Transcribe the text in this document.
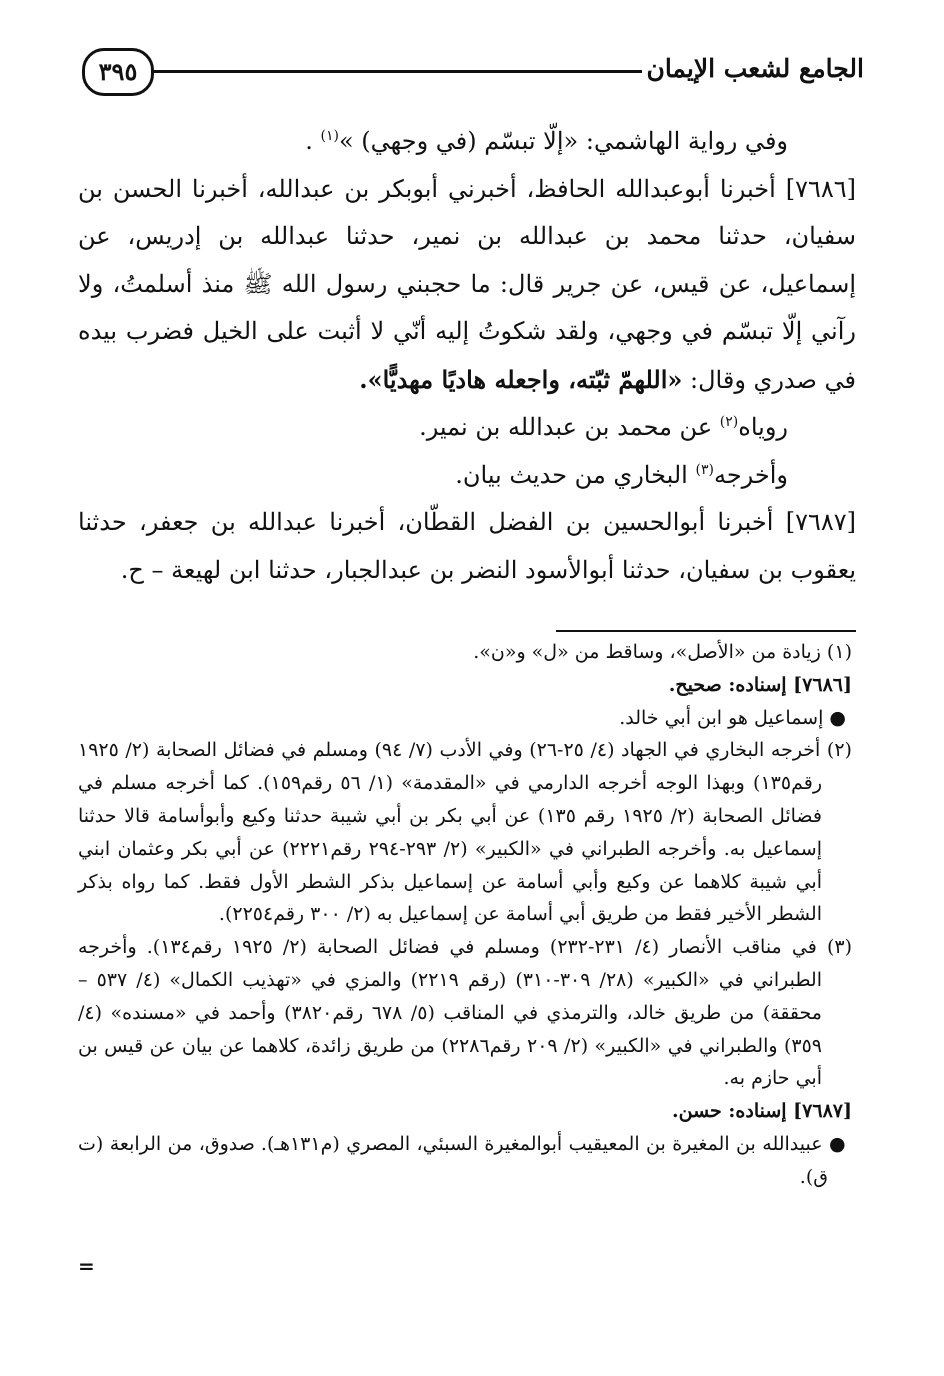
الجامع لشعب الإيمان
٣٩٥

وفي رواية الهاشمي: «إلّا تبسّم (في وجهي) »$^{(١)}$ .

[٧٦٨٦] أخبرنا أبوعبدالله الحافظ، أخبرني أبوبكر بن عبدالله، أخبرنا الحسن بن سفيان، حدثنا محمد بن عبدالله بن نمير، حدثنا عبدالله بن إدريس، عن إسماعيل، عن قيس، عن جرير قال: ما حجبني رسول الله ﷺ منذ أسلمتُ، ولا رآني إلّا تبسّم في وجهي، ولقد شكوتُ إليه أنّي لا أثبت على الخيل فضرب بيده في صدري وقال: «اللهمّ ثبّته، واجعله هاديًا مهديًّا».

روياه$^{(٢)}$ عن محمد بن عبدالله بن نمير.

وأخرجه$^{(٣)}$ البخاري من حديث بيان.

[٧٦٨٧] أخبرنا أبوالحسين بن الفضل القطّان، أخبرنا عبدالله بن جعفر، حدثنا يعقوب بن سفيان، حدثنا أبوالأسود النضر بن عبدالجبار، حدثنا ابن لهيعة – ح.

(١) زيادة من «الأصل»، وساقط من «ل» و«ن».

[٧٦٨٦] إسناده: صحيح.

● إسماعيل هو ابن أبي خالد.

(٢) أخرجه البخاري في الجهاد (٤/ ٢٥-٢٦) وفي الأدب (٧/ ٩٤) ومسلم في فضائل الصحابة (٢/ ١٩٢٥ رقم١٣٥) وبهذا الوجه أخرجه الدارمي في «المقدمة» (١/ ٥٦ رقم١٥٩). كما أخرجه مسلم في فضائل الصحابة (٢/ ١٩٢٥ رقم ١٣٥) عن أبي بكر بن أبي شيبة حدثنا وكيع وأبوأسامة قالا حدثنا إسماعيل به. وأخرجه الطبراني في «الكبير» (٢/ ٢٩٣-٢٩٤ رقم٢٢٢١) عن أبي بكر وعثمان ابني أبي شيبة كلاهما عن وكيع وأبي أسامة عن إسماعيل بذكر الشطر الأول فقط. كما رواه بذكر الشطر الأخير فقط من طريق أبي أسامة عن إسماعيل به (٢/ ٣٠٠ رقم٢٢٥٤).

(٣) في مناقب الأنصار (٤/ ٢٣١-٢٣٢) ومسلم في فضائل الصحابة (٢/ ١٩٢٥ رقم١٣٤). وأخرجه الطبراني في «الكبير» (٢٨/ ٣٠٩-٣١٠) (رقم ٢٢١٩) والمزي في «تهذيب الكمال» (٤/ ٥٣٧ – محققة) من طريق خالد، والترمذي في المناقب (٥/ ٦٧٨ رقم٣٨٢٠) وأحمد في «مسنده» (٤/ ٣٥٩) والطبراني في «الكبير» (٢/ ٢٠٩ رقم٢٢٨٦) من طريق زائدة، كلاهما عن بيان عن قيس بن أبي حازم به.

[٧٦٨٧] إسناده: حسن.

● عبيدالله بن المغيرة بن المعيقيب أبوالمغيرة السبئي، المصري (م١٣١هـ). صدوق، من الرابعة (ت ق).

=
